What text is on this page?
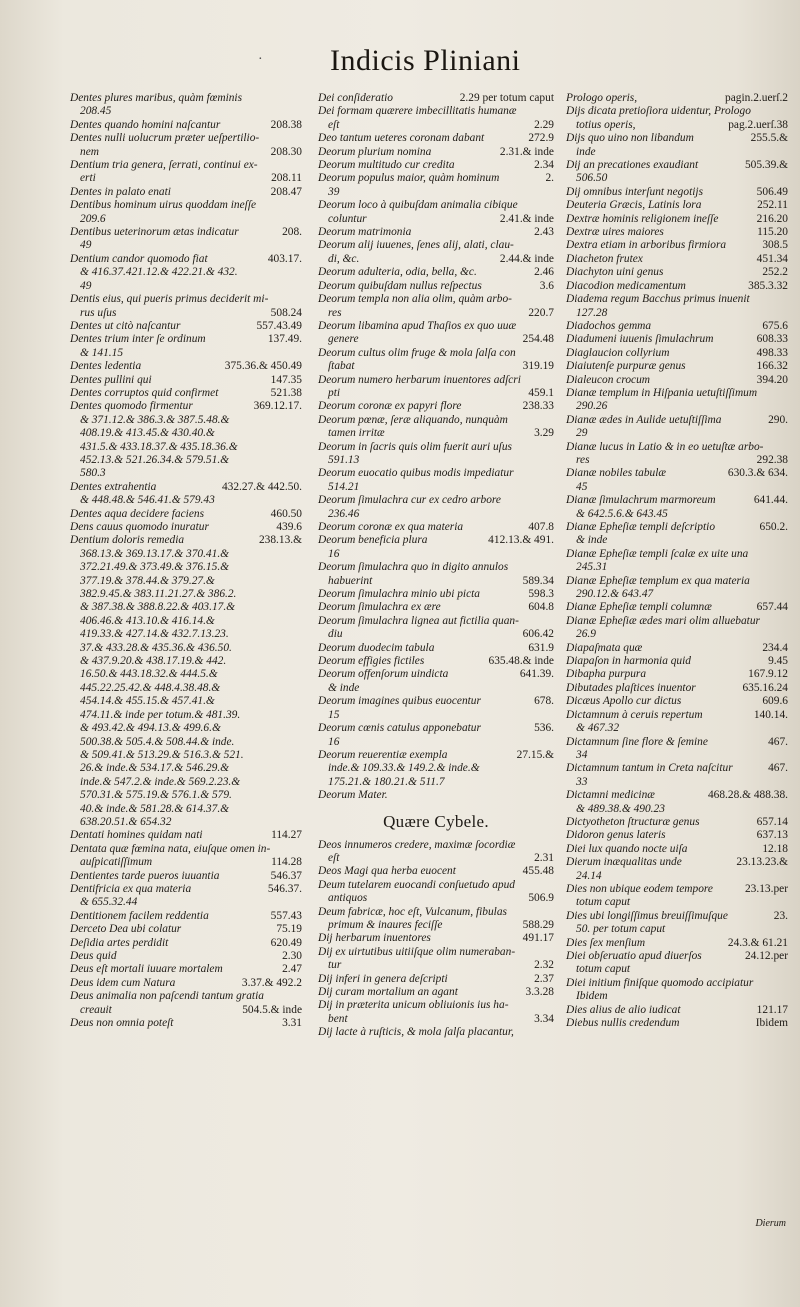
· Indicis Pliniani
Dentes plures maribus, quàm fœminis
208.45
Dentes quando homini naſcantur	208.38
Dentes nulli uolucrum præter ueſpertilio-
nem	208.30
Dentium tria genera, ſerrati, continui ex-
erti	208.11
Dentes in palato enati	208.47
Dentibus hominum uirus quoddam ineſſe
209.6
Dentibus ueterinorum ætas indicatur	208.
49
Dentium candor quomodo fiat	403.17.
& 416.37.421.12.& 422.21.& 432.
49
Dentis eius, qui pueris primus deciderit mi-
rus uſus	508.24
Dentes ut citò naſcantur	557.43.49
Dentes trium inter ſe ordinum	137.49.
& 141.15
Dentes ledentia	375.36.& 450.49
Dentes pullini qui	147.35
Dentes corruptos quid confirmet	521.38
Dentes quomodo firmentur	369.12.17.
& 371.12.& 386.3.& 387.5.48.&
408.19.& 413.45.& 430.40.&
431.5.& 433.18.37.& 435.18.36.&
452.13.& 521.26.34.& 579.51.&
580.3
Dentes extrahentia	432.27.& 442.50.
& 448.48.& 546.41.& 579.43
Dentes aqua decidere faciens	460.50
Dens cauus quomodo inuratur	439.6
Dentium doloris remedia	238.13.&
368.13.& 369.13.17.& 370.41.&
372.21.49.& 373.49.& 376.15.&
377.19.& 378.44.& 379.27.&
382.9.45.& 383.11.21.27.& 386.2.
& 387.38.& 388.8.22.& 403.17.&
406.46.& 413.10.& 416.14.&
419.33.& 427.14.& 432.7.13.23.
37.& 433.28.& 435.36.& 436.50.
& 437.9.20.& 438.17.19.& 442.
16.50.& 443.18.32.& 444.5.&
445.22.25.42.& 448.4.38.48.&
454.14.& 455.15.& 457.41.&
474.11.& inde per totum.& 481.39.
& 493.42.& 494.13.& 499.6.&
500.38.& 505.4.& 508.44.& inde.
& 509.41.& 513.29.& 516.3.& 521.
26.& inde.& 534.17.& 546.29.&
inde.& 547.2.& inde.& 569.2.23.&
570.31.& 575.19.& 576.1.& 579.
40.& inde.& 581.28.& 614.37.&
638.20.51.& 654.32
Dentati homines quidam nati	114.27
Dentata quæ fœmina nata, eiuſque omen in-
auſpicatiſſimum	114.28
Dentientes tarde pueros iuuantia	546.37
Dentifricia ex qua materia	546.37.
& 655.32.44
Dentitionem facilem reddentia	557.43
Derceto Dea ubi colatur	75.19
Deſidia artes perdidit	620.49
Deus quid	2.30
Deus eſt mortali iuuare mortalem	2.47
Deus idem cum Natura	3.37.& 492.2
Deus animalia non paſcendi tantum gratia
creauit	504.5.& inde
Deus non omnia poteſt	3.31
Dei conſideratio	2.29 per totum caput
Dei formam quærere imbecillitatis humanæ
eſt	2.29
Deo tantum ueteres coronam dabant	272.9
Deorum plurium nomina	2.31.& inde
Deorum multitudo cur credita	2.34
Deorum populus maior, quàm hominum	2.
39
Deorum loco à quibuſdam animalia cibique
coluntur	2.41.& inde
Deorum matrimonia	2.43
Deorum alij iuuenes, ſenes alij, alati, clau-
di, &c.	2.44.& inde
Deorum adulteria, odia, bella, &c.	2.46
Deorum quibuſdam nullus reſpectus	3.6
Deorum templa non alia olim, quàm arbo-
res	220.7
Deorum libamina apud Thaſios ex quo uuæ
genere	254.48
Deorum cultus olim fruge & mola ſalſa con
ſtabat	319.19
Deorum numero herbarum inuentores adſcri
pti	459.1
Deorum coronæ ex papyri flore	238.33
Deorum pœnæ, ſeræ aliquando, nunquàm
tamen irritæ	3.29
Deorum in ſacris quis olim fuerit auri uſus
591.13
Deorum euocatio quibus modis impediatur
514.21
Deorum ſimulachra cur ex cedro arbore
236.46
Deorum coronæ ex qua materia	407.8
Deorum beneficia plura	412.13.& 491.
16
Deorum ſimulachra quo in digito annulos
habuerint	589.34
Deorum ſimulachra minio ubi picta	598.3
Deorum ſimulachra ex ære	604.8
Deorum ſimulachra lignea aut fictilia quan-
diu	606.42
Deorum duodecim tabula	631.9
Deorum effigies fictiles	635.48.& inde
Deorum offenſorum uindicta	641.39.
& inde
Deorum imagines quibus euocentur	678.
15
Deorum cœnis catulus apponebatur	536.
16
Deorum reuerentiæ exempla	27.15.&
inde.& 109.33.& 149.2.& inde.&
175.21.& 180.21.& 511.7
Deorum Mater.
Quære Cybele.
Deos innumeros credere, maximæ ſocordiæ
eſt	2.31
Deos Magi qua herba euocent	455.48
Deum tutelarem euocandi conſuetudo apud
antiquos	506.9
Deum fabricæ, hoc eſt, Vulcanum, fibulas
primum & inaures feciſſe	588.29
Dij herbarum inuentores	491.17
Dij ex uirtutibus uitiiſque olim numeraban-
tur	2.32
Dij inferi in genera deſcripti	2.37
Dij curam mortalium an agant	3.3.28
Dij in præterita unicum obliuionis ius ha-
bent	3.34
Dij lacte à ruſticis, & mola ſalſa placantur,
Prologo operis,	pagin.2.uerſ.2
Dijs dicata pretioſiora uidentur, Prologo
totius operis,	pag.2.uerſ.38
Dijs quo uino non libandum	255.5.&
inde
Dij an precationes exaudiant	505.39.&
506.50
Dij omnibus interſunt negotijs	506.49
Deuteria Græcis, Latinis lora	252.11
Dextræ hominis religionem ineſſe	216.20
Dextræ uires maiores	115.20
Dextra etiam in arboribus firmiora	308.5
Diacheton frutex	451.34
Diachyton uini genus	252.2
Diacodion medicamentum	385.3.32
Diadema regum Bacchus primus inuenit
127.28
Diadochos gemma	675.6
Diadumeni iuuenis ſimulachrum	608.33
Diaglaucion collyrium	498.33
Diaiutenſe purpuræ genus	166.32
Dialeucon crocum	394.20
Dianæ templum in Hiſpania uetuſtiſſimum
290.26
Dianæ ædes in Aulide uetuſtiſſima	290.
29
Dianæ lucus in Latio & in eo uetuſtæ arbo-
res	292.38
Dianæ nobiles tabulæ	630.3.& 634.
45
Dianæ ſimulachrum marmoreum	641.44.
& 642.5.6.& 643.45
Dianæ Epheſiæ templi deſcriptio	650.2.
& inde
Dianæ Epheſiæ templi ſcalæ ex uite una
245.31
Dianæ Epheſiæ templum ex qua materia
290.12.& 643.47
Dianæ Epheſiæ templi columnæ	657.44
Dianæ Epheſiæ ædes mari olim alluebatur
26.9
Diapaſmata quæ	234.4
Diapaſon in harmonia quid	9.45
Dibapha purpura	167.9.12
Dibutades plaſtices inuentor	635.16.24
Dicæus Apollo cur dictus	609.6
Dictamnum à ceruis repertum	140.14.
& 467.32
Dictamnum ſine flore & ſemine	467.
34
Dictamnum tantum in Creta naſcitur	467.
33
Dictamni medicinæ	468.28.& 488.38.
& 489.38.& 490.23
Dictyotheton ſtructuræ genus	657.14
Didoron genus lateris	637.13
Diei lux quando nocte uiſa	12.18
Dierum inæqualitas unde	23.13.23.&
24.14
Dies non ubique eodem tempore	23.13.per
totum caput
Dies ubi longiſſimus breuiſſimuſque	23.
50. per totum caput
Dies ſex menſium	24.3.& 61.21
Diei obſeruatio apud diuerſos	24.12.per
totum caput
Diei initium finiſque quomodo accipiatur
Ibidem
Dies alius de alio iudicat	121.17
Diebus nullis credendum	Ibidem
Dierum
